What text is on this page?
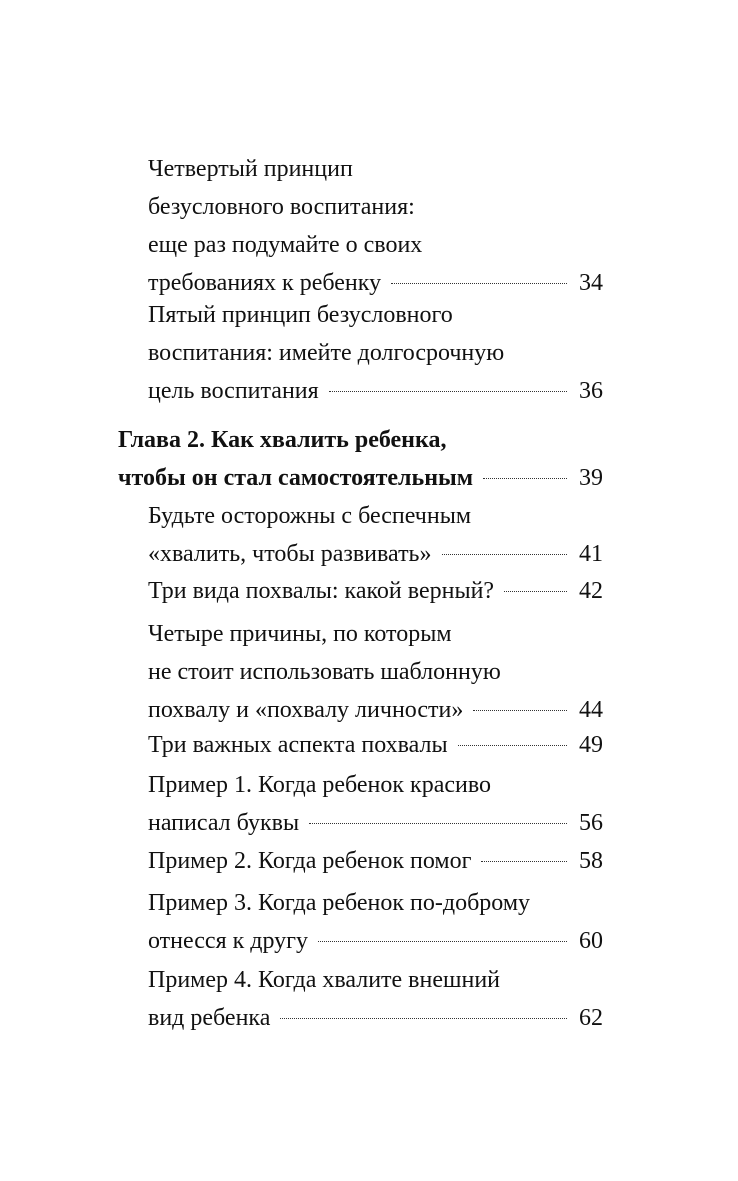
Четвертый принцип
безусловного воспитания:
еще раз подумайте о своих
требованиях к ребенку	34
Пятый принцип безусловного
воспитания: имейте долгосрочную
цель воспитания	36
Глава 2. Как хвалить ребенка,
чтобы он стал самостоятельным	39
Будьте осторожны с беспечным
«хвалить, чтобы развивать»	41
Три вида похвалы: какой верный?	42
Четыре причины, по которым
не стоит использовать шаблонную
похвалу и «похвалу личности»	44
Три важных аспекта похвалы	49
Пример 1. Когда ребенок красиво
написал буквы	56
Пример 2. Когда ребенок помог	58
Пример 3. Когда ребенок по-доброму
отнесся к другу	60
Пример 4. Когда хвалите внешний
вид ребенка	62
